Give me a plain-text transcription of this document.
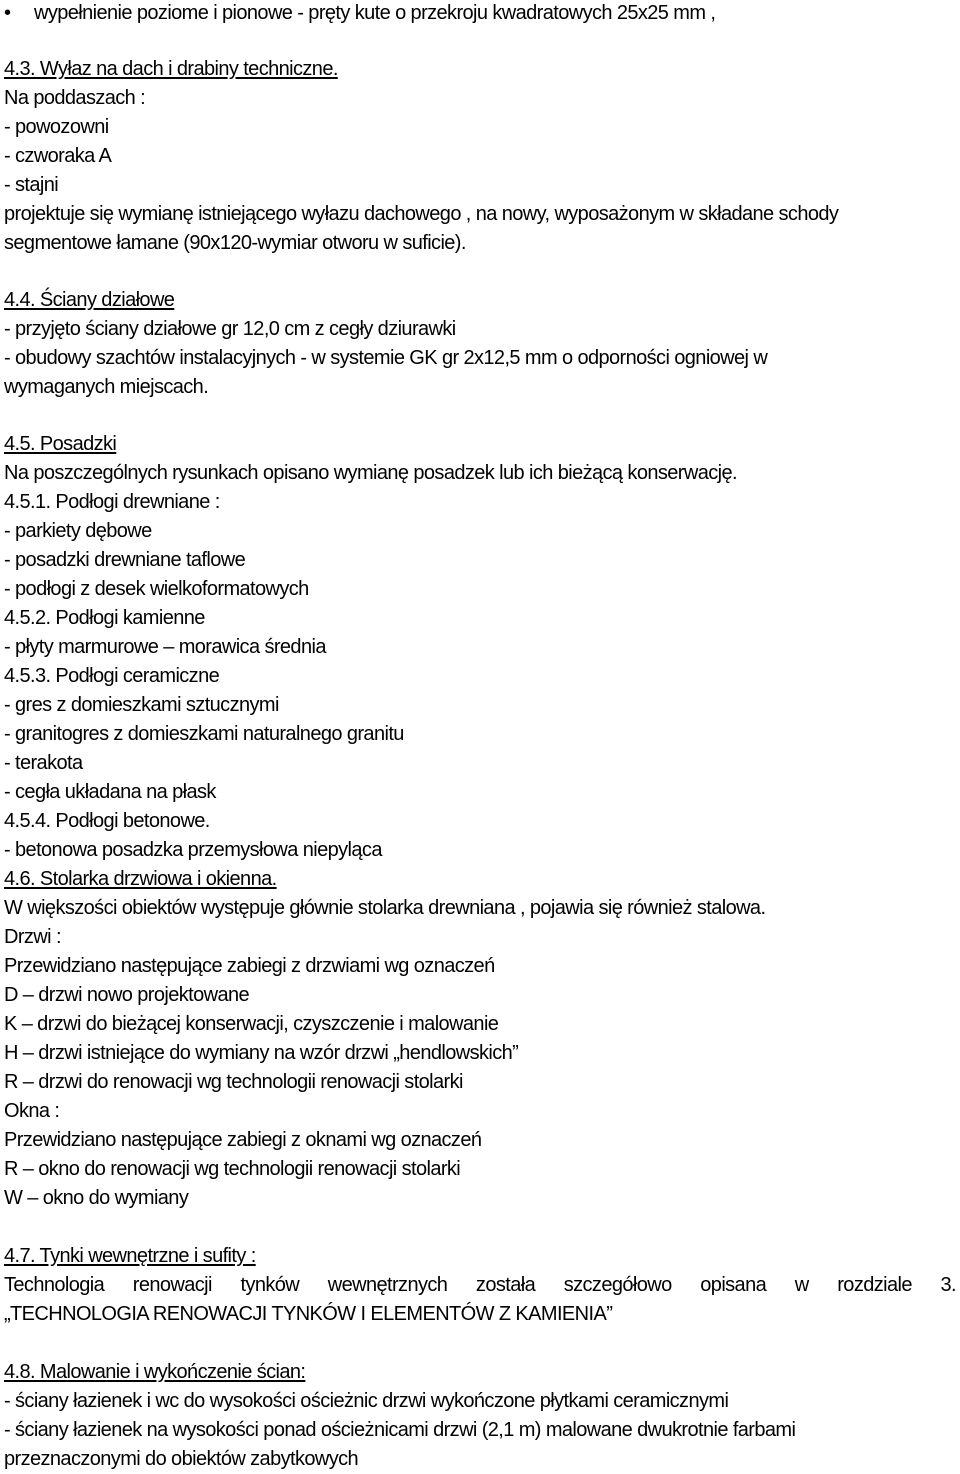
• wypełnienie poziome i pionowe - pręty kute o przekroju kwadratowych 25x25 mm ,
4.3. Wyłaz na dach i drabiny techniczne.
Na poddaszach :
- powozowni
- czworaka A
- stajni
projektuje się wymianę istniejącego wyłazu dachowego , na nowy, wyposażonym w składane schody
segmentowe łamane (90x120-wymiar otworu w suficie).
4.4. Ściany działowe
- przyjęto ściany działowe gr 12,0 cm z cegły dziurawki
- obudowy szachtów instalacyjnych - w systemie GK gr 2x12,5 mm o odporności ogniowej w
wymaganych miejscach.
4.5. Posadzki
Na poszczególnych rysunkach opisano wymianę posadzek lub ich bieżącą konserwację.
4.5.1. Podłogi drewniane :
- parkiety dębowe
- posadzki drewniane taflowe
- podłogi z desek wielkoformatowych
4.5.2. Podłogi kamienne
- płyty marmurowe – morawica średnia
4.5.3. Podłogi ceramiczne
- gres z domieszkami sztucznymi
- granitogres z domieszkami naturalnego granitu
- terakota
- cegła układana na płask
4.5.4. Podłogi betonowe.
- betonowa posadzka przemysłowa niepyląca
4.6. Stolarka drzwiowa i okienna.
W większości obiektów występuje głównie stolarka drewniana , pojawia się również stalowa.
Drzwi :
Przewidziano następujące zabiegi z drzwiami wg oznaczeń
D – drzwi nowo projektowane
K – drzwi do bieżącej konserwacji, czyszczenie i malowanie
H – drzwi istniejące do wymiany na wzór drzwi „hendlowskich”
R – drzwi do renowacji wg technologii renowacji stolarki
Okna :
Przewidziano następujące zabiegi z oknami wg oznaczeń
R – okno do renowacji wg technologii renowacji stolarki
W – okno do wymiany
4.7. Tynki wewnętrzne i sufity :
Technologia renowacji tynków wewnętrznych została szczegółowo opisana w rozdziale 3.
„TECHNOLOGIA RENOWACJI TYNKÓW I ELEMENTÓW Z KAMIENIA”
4.8. Malowanie i wykończenie ścian:
- ściany łazienek i wc do wysokości ościeżnic drzwi wykończone płytkami ceramicznymi
- ściany łazienek na wysokości ponad ościeżnicami drzwi (2,1 m) malowane dwukrotnie farbami
przeznaczonymi do obiektów zabytkowych
